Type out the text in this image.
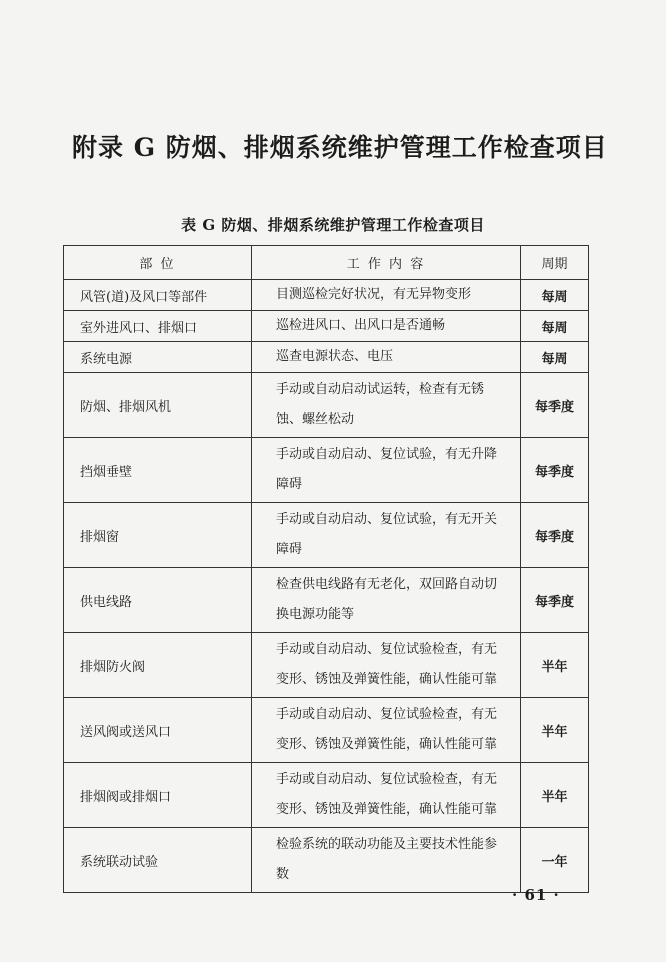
附录 G 防烟、排烟系统维护管理工作检查项目
表 G 防烟、排烟系统维护管理工作检查项目
部 位	工 作 内 容	周期
风管(道)及风口等部件	目测巡检完好状况，有无异物变形	每周
室外进风口、排烟口	巡检进风口、出风口是否通畅	每周
系统电源	巡查电源状态、电压	每周
防烟、排烟风机	手动或自动启动试运转，检查有无锈蚀、螺丝松动	每季度
挡烟垂壁	手动或自动启动、复位试验，有无升降障碍	每季度
排烟窗	手动或自动启动、复位试验，有无开关障碍	每季度
供电线路	检查供电线路有无老化，双回路自动切换电源功能等	每季度
排烟防火阀	手动或自动启动、复位试验检查，有无变形、锈蚀及弹簧性能，确认性能可靠	半年
送风阀或送风口	手动或自动启动、复位试验检查，有无变形、锈蚀及弹簧性能，确认性能可靠	半年
排烟阀或排烟口	手动或自动启动、复位试验检查，有无变形、锈蚀及弹簧性能，确认性能可靠	半年
系统联动试验	检验系统的联动功能及主要技术性能参数	一年
· 61 ·
